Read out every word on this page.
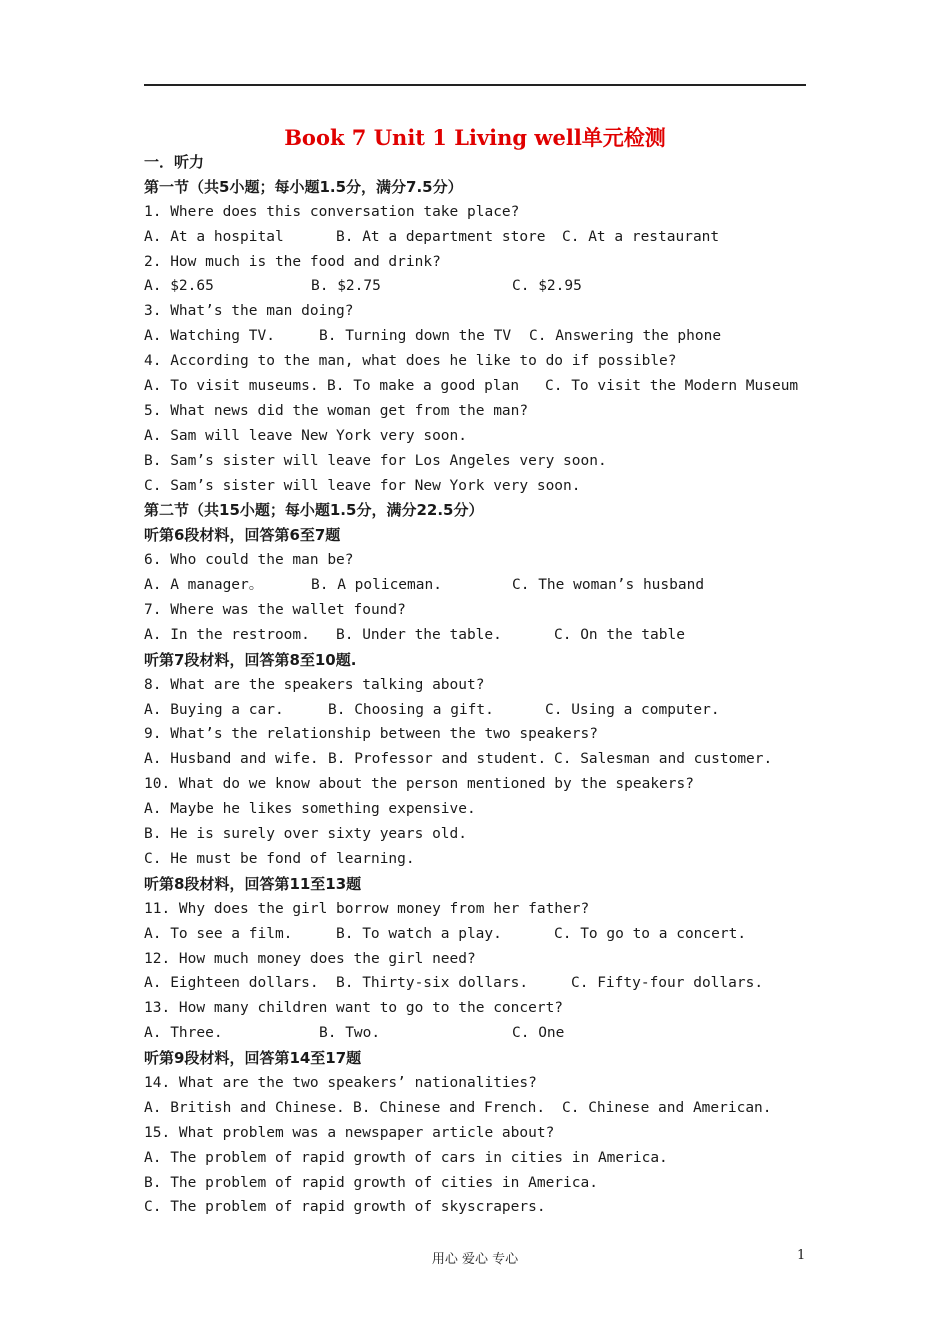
Book 7 Unit 1 Living well单元检测
一．听力
第一节（共5小题；每小题1.5分，满分7.5分）
1. Where does this conversation take place?
A. At a hospital	B. At a department store C. At a restaurant
2. How much is the food and drink?
A. $2.65	B. $2.75	C. $2.95
3. What’s the man doing?
A. Watching TV.	B. Turning down the TV C. Answering the phone
4. According to the man, what does he like to do if possible?
A. To visit museums. B. To make a good plan C. To visit the Modern Museum
5. What news did the woman get from the man?
A. Sam will leave New York very soon.
B. Sam’s sister will leave for Los Angeles very soon.
C. Sam’s sister will leave for New York very soon.
第二节（共15小题；每小题1.5分，满分22.5分）
听第6段材料，回答第6至7题
6. Who could the man be?
A. A manager。	B. A policeman.	C. The woman’s husband
7. Where was the wallet found?
A. In the restroom. B. Under the table.	C. On the table
听第7段材料，回答第8至10题.
8. What are the speakers talking about?
A. Buying a car.	B. Choosing a gift.	C. Using a computer.
9. What’s the relationship between the two speakers?
A. Husband and wife. B. Professor and student. C. Salesman and customer.
10. What do we know about the person mentioned by the speakers?
A. Maybe he likes something expensive.
B. He is surely over sixty years old.
C. He must be fond of learning.
听第8段材料，回答第11至13题
11. Why does the girl borrow money from her father?
A. To see a film.	B. To watch a play.	C. To go to a concert.
12. How much money does the girl need?
A. Eighteen dollars. B. Thirty-six dollars.	C. Fifty-four dollars.
13. How many children want to go to the concert?
A. Three.	B. Two.	C. One
听第9段材料，回答第14至17题
14. What are the two speakers’ nationalities?
A. British and Chinese. B. Chinese and French. C. Chinese and American.
15. What problem was a newspaper article about?
A. The problem of rapid growth of cars in cities in America.
B. The problem of rapid growth of cities in America.
C. The problem of rapid growth of skyscrapers.
用心 爱心 专心	1
